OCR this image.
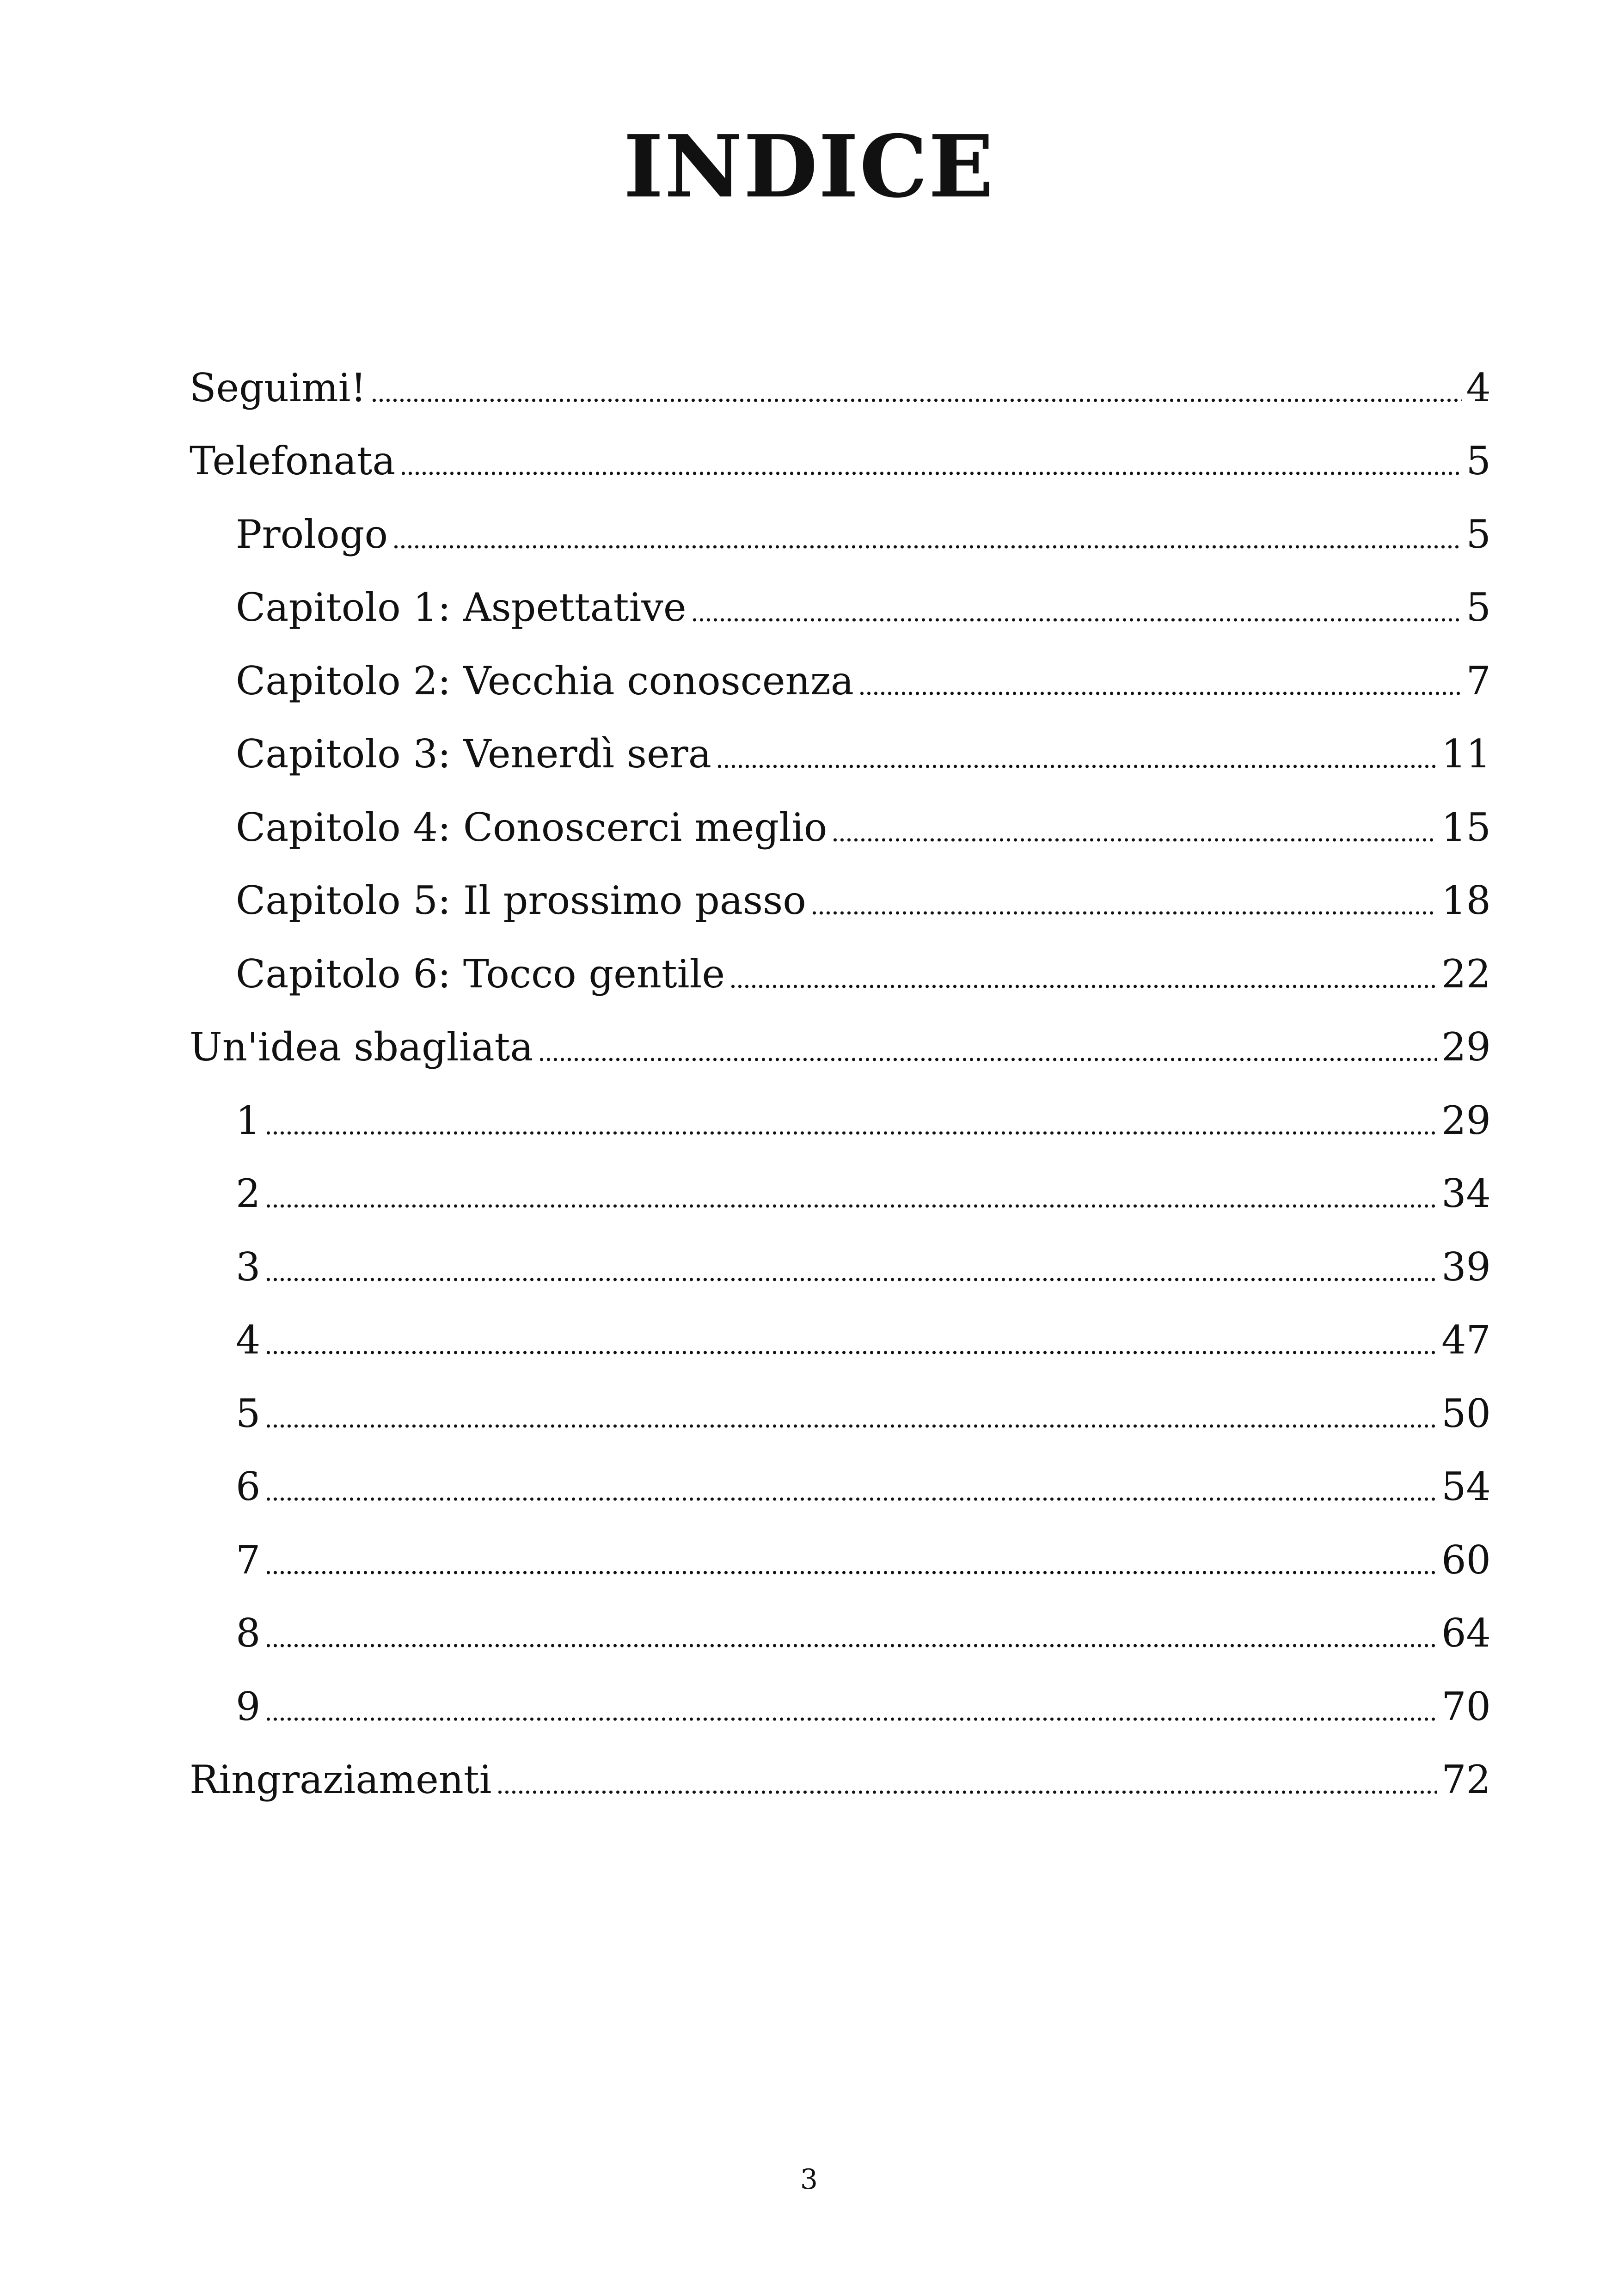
INDICE
Seguimi!	4
Telefonata	5
Prologo	5
Capitolo 1: Aspettative	5
Capitolo 2: Vecchia conoscenza	7
Capitolo 3: Venerdì sera	11
Capitolo 4: Conoscerci meglio	15
Capitolo 5: Il prossimo passo	18
Capitolo 6: Tocco gentile	22
Un'idea sbagliata	29
1	29
2	34
3	39
4	47
5	50
6	54
7	60
8	64
9	70
Ringraziamenti	72
3
